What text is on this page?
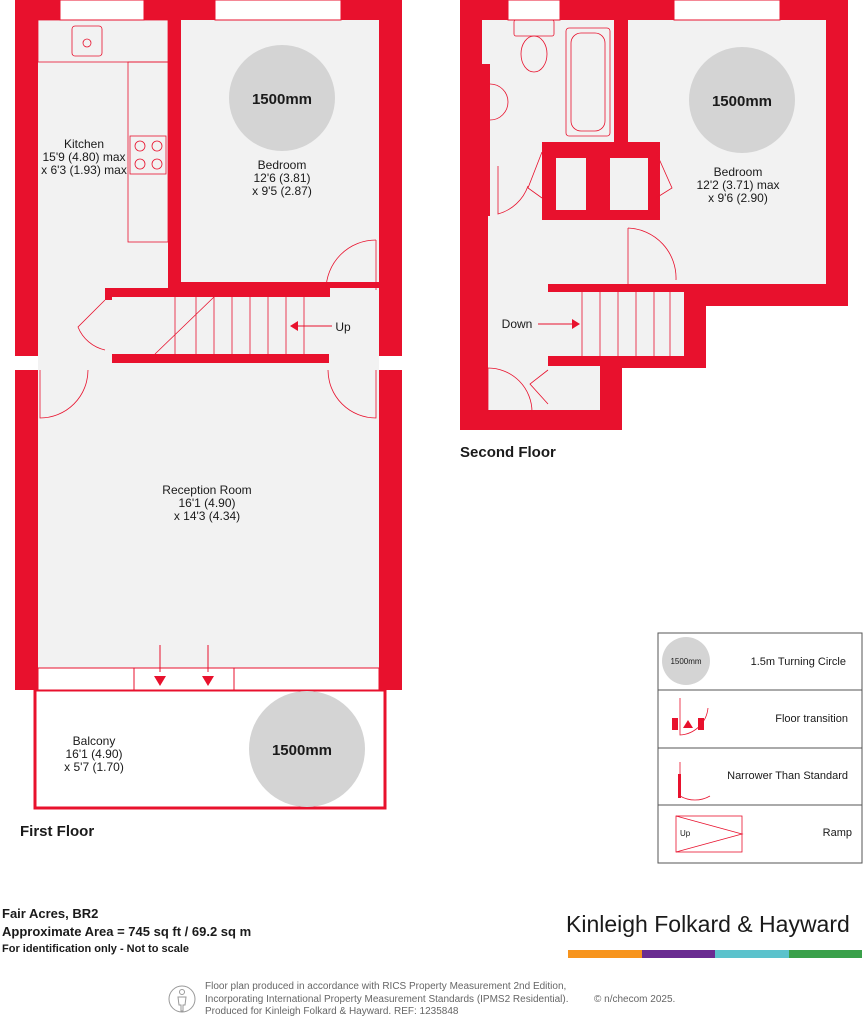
1500mm
1500mm
Kitchen
15'9 (4.80) max
x 6'3 (1.93) max	Bedroom
12'6 (3.81)
x 9'5 (2.87)
Reception Room
16'1 (4.90)
x 14'3 (4.34)
Balcony
16'1 (4.90)
x 5'7 (1.70)
Up
First Floor
1500mm
Bedroom
12'2 (3.71) max
x 9'6 (2.90)
Down
Second Floor
1500mm	1.5m Turning Circle
Floor transition
Narrower Than Standard
Up	Ramp
Fair Acres, BR2
Approximate Area = 745 sq ft / 69.2 sq m
For identification only - Not to scale
Kinleigh Folkard & Hayward
Floor plan produced in accordance with RICS Property Measurement 2nd Edition,
Incorporating International Property Measurement Standards (IPMS2 Residential).
Produced for Kinleigh Folkard & Hayward. REF: 1235848
© n/checom 2025.
